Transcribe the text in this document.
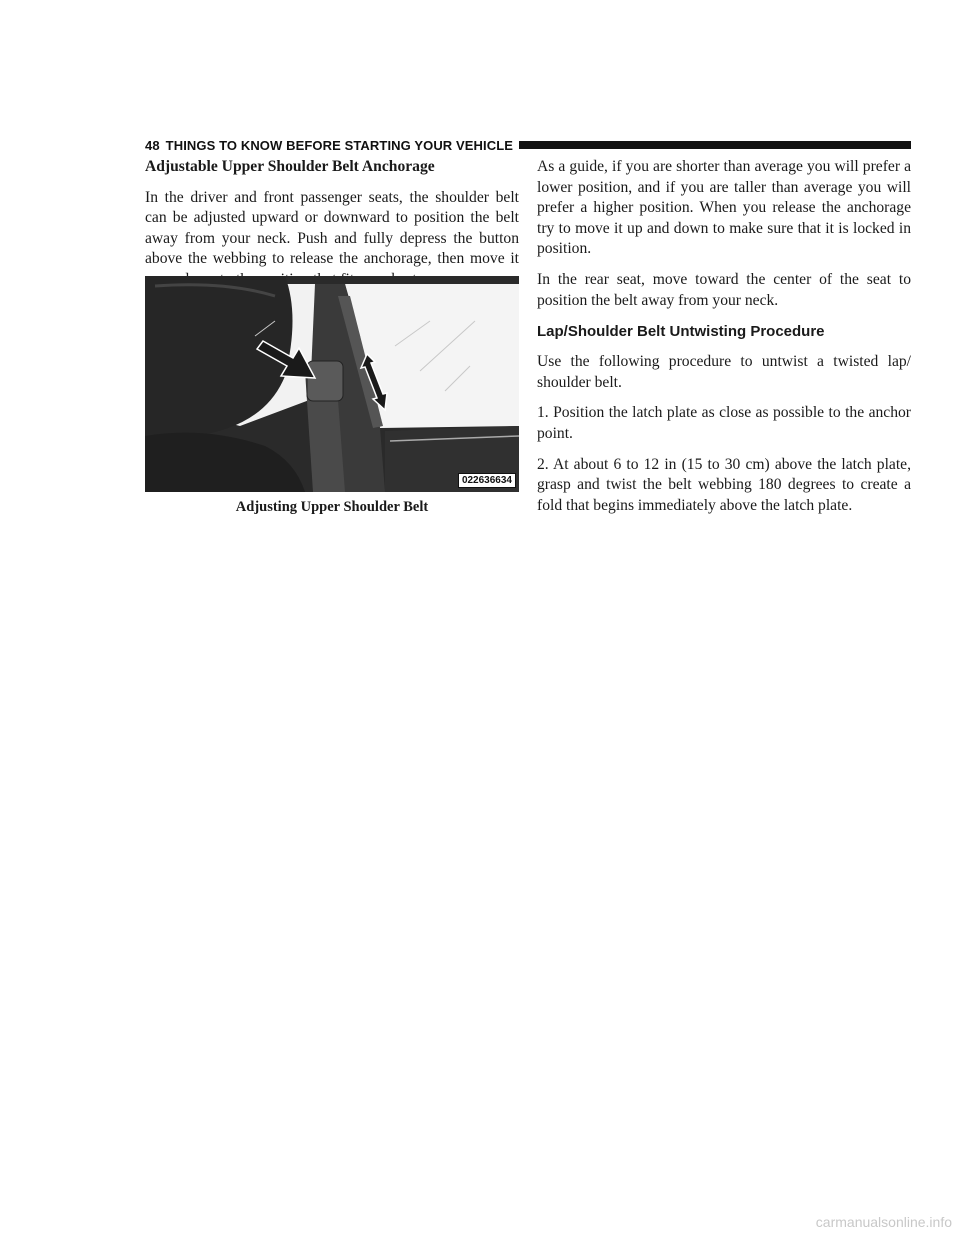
48 THINGS TO KNOW BEFORE STARTING YOUR VEHICLE

Adjustable Upper Shoulder Belt Anchorage

In the driver and front passenger seats, the shoulder belt can be adjusted upward or downward to position the belt away from your neck. Push and fully depress the button above the webbing to release the anchorage, then move it

022636634
Adjusting Upper Shoulder Belt

As a guide, if you are shorter than average you will prefer a lower position, and if you are taller than average you will prefer a higher position. When you release the anchorage try to move it up and down to make sure that it is locked in position.

In the rear seat, move toward the center of the seat to position the belt away from your neck.

Lap/Shoulder Belt Untwisting Procedure

Use the following procedure to untwist a twisted lap/ shoulder belt.

1. Position the latch plate as close as possible to the anchor point.

2. At about 6 to 12 in (15 to 30 cm) above the latch plate, grasp and twist the belt webbing 180 degrees to create a fold that begins immediately above the latch plate.

carmanualsonline.info
